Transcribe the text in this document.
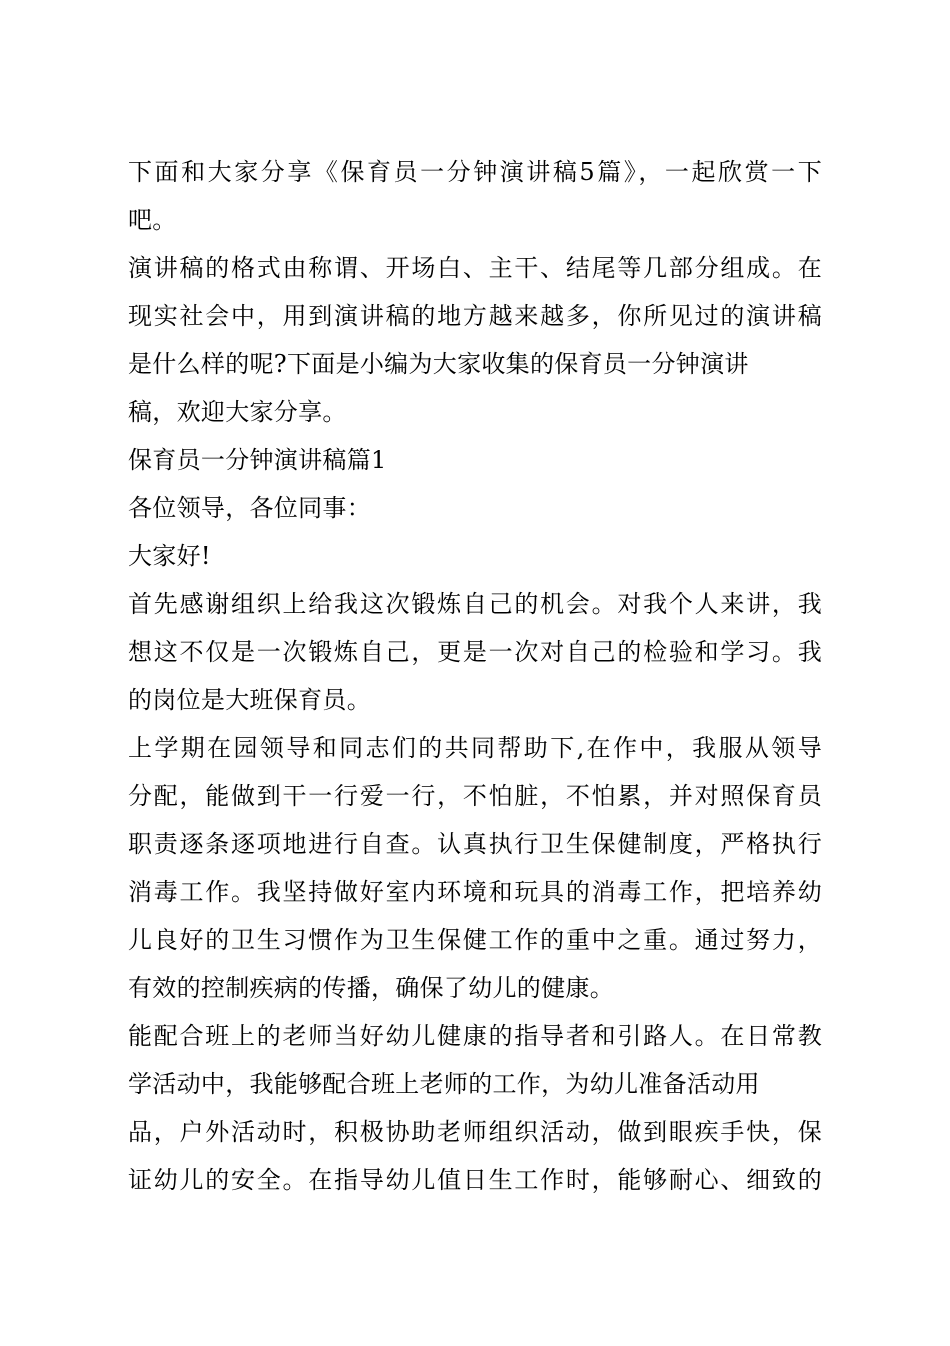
下面和大家分享《保育员一分钟演讲稿5篇》，一起欣赏一下
吧。
演讲稿的格式由称谓、开场白、主干、结尾等几部分组成。在
现实社会中，用到演讲稿的地方越来越多，你所见过的演讲稿
是什么样的呢?下面是小编为大家收集的保育员一分钟演讲
稿，欢迎大家分享。
保育员一分钟演讲稿篇1
各位领导，各位同事：
大家好!
首先感谢组织上给我这次锻炼自己的机会。对我个人来讲，我
想这不仅是一次锻炼自己，更是一次对自己的检验和学习。我
的岗位是大班保育员。
上学期在园领导和同志们的共同帮助下,在作中，我服从领导
分配，能做到干一行爱一行，不怕脏，不怕累，并对照保育员
职责逐条逐项地进行自查。认真执行卫生保健制度，严格执行
消毒工作。我坚持做好室内环境和玩具的消毒工作，把培养幼
儿良好的卫生习惯作为卫生保健工作的重中之重。通过努力，
有效的控制疾病的传播，确保了幼儿的健康。
能配合班上的老师当好幼儿健康的指导者和引路人。在日常教
学活动中，我能够配合班上老师的工作，为幼儿准备活动用
品，户外活动时，积极协助老师组织活动，做到眼疾手快，保
证幼儿的安全。在指导幼儿值日生工作时，能够耐心、细致的
